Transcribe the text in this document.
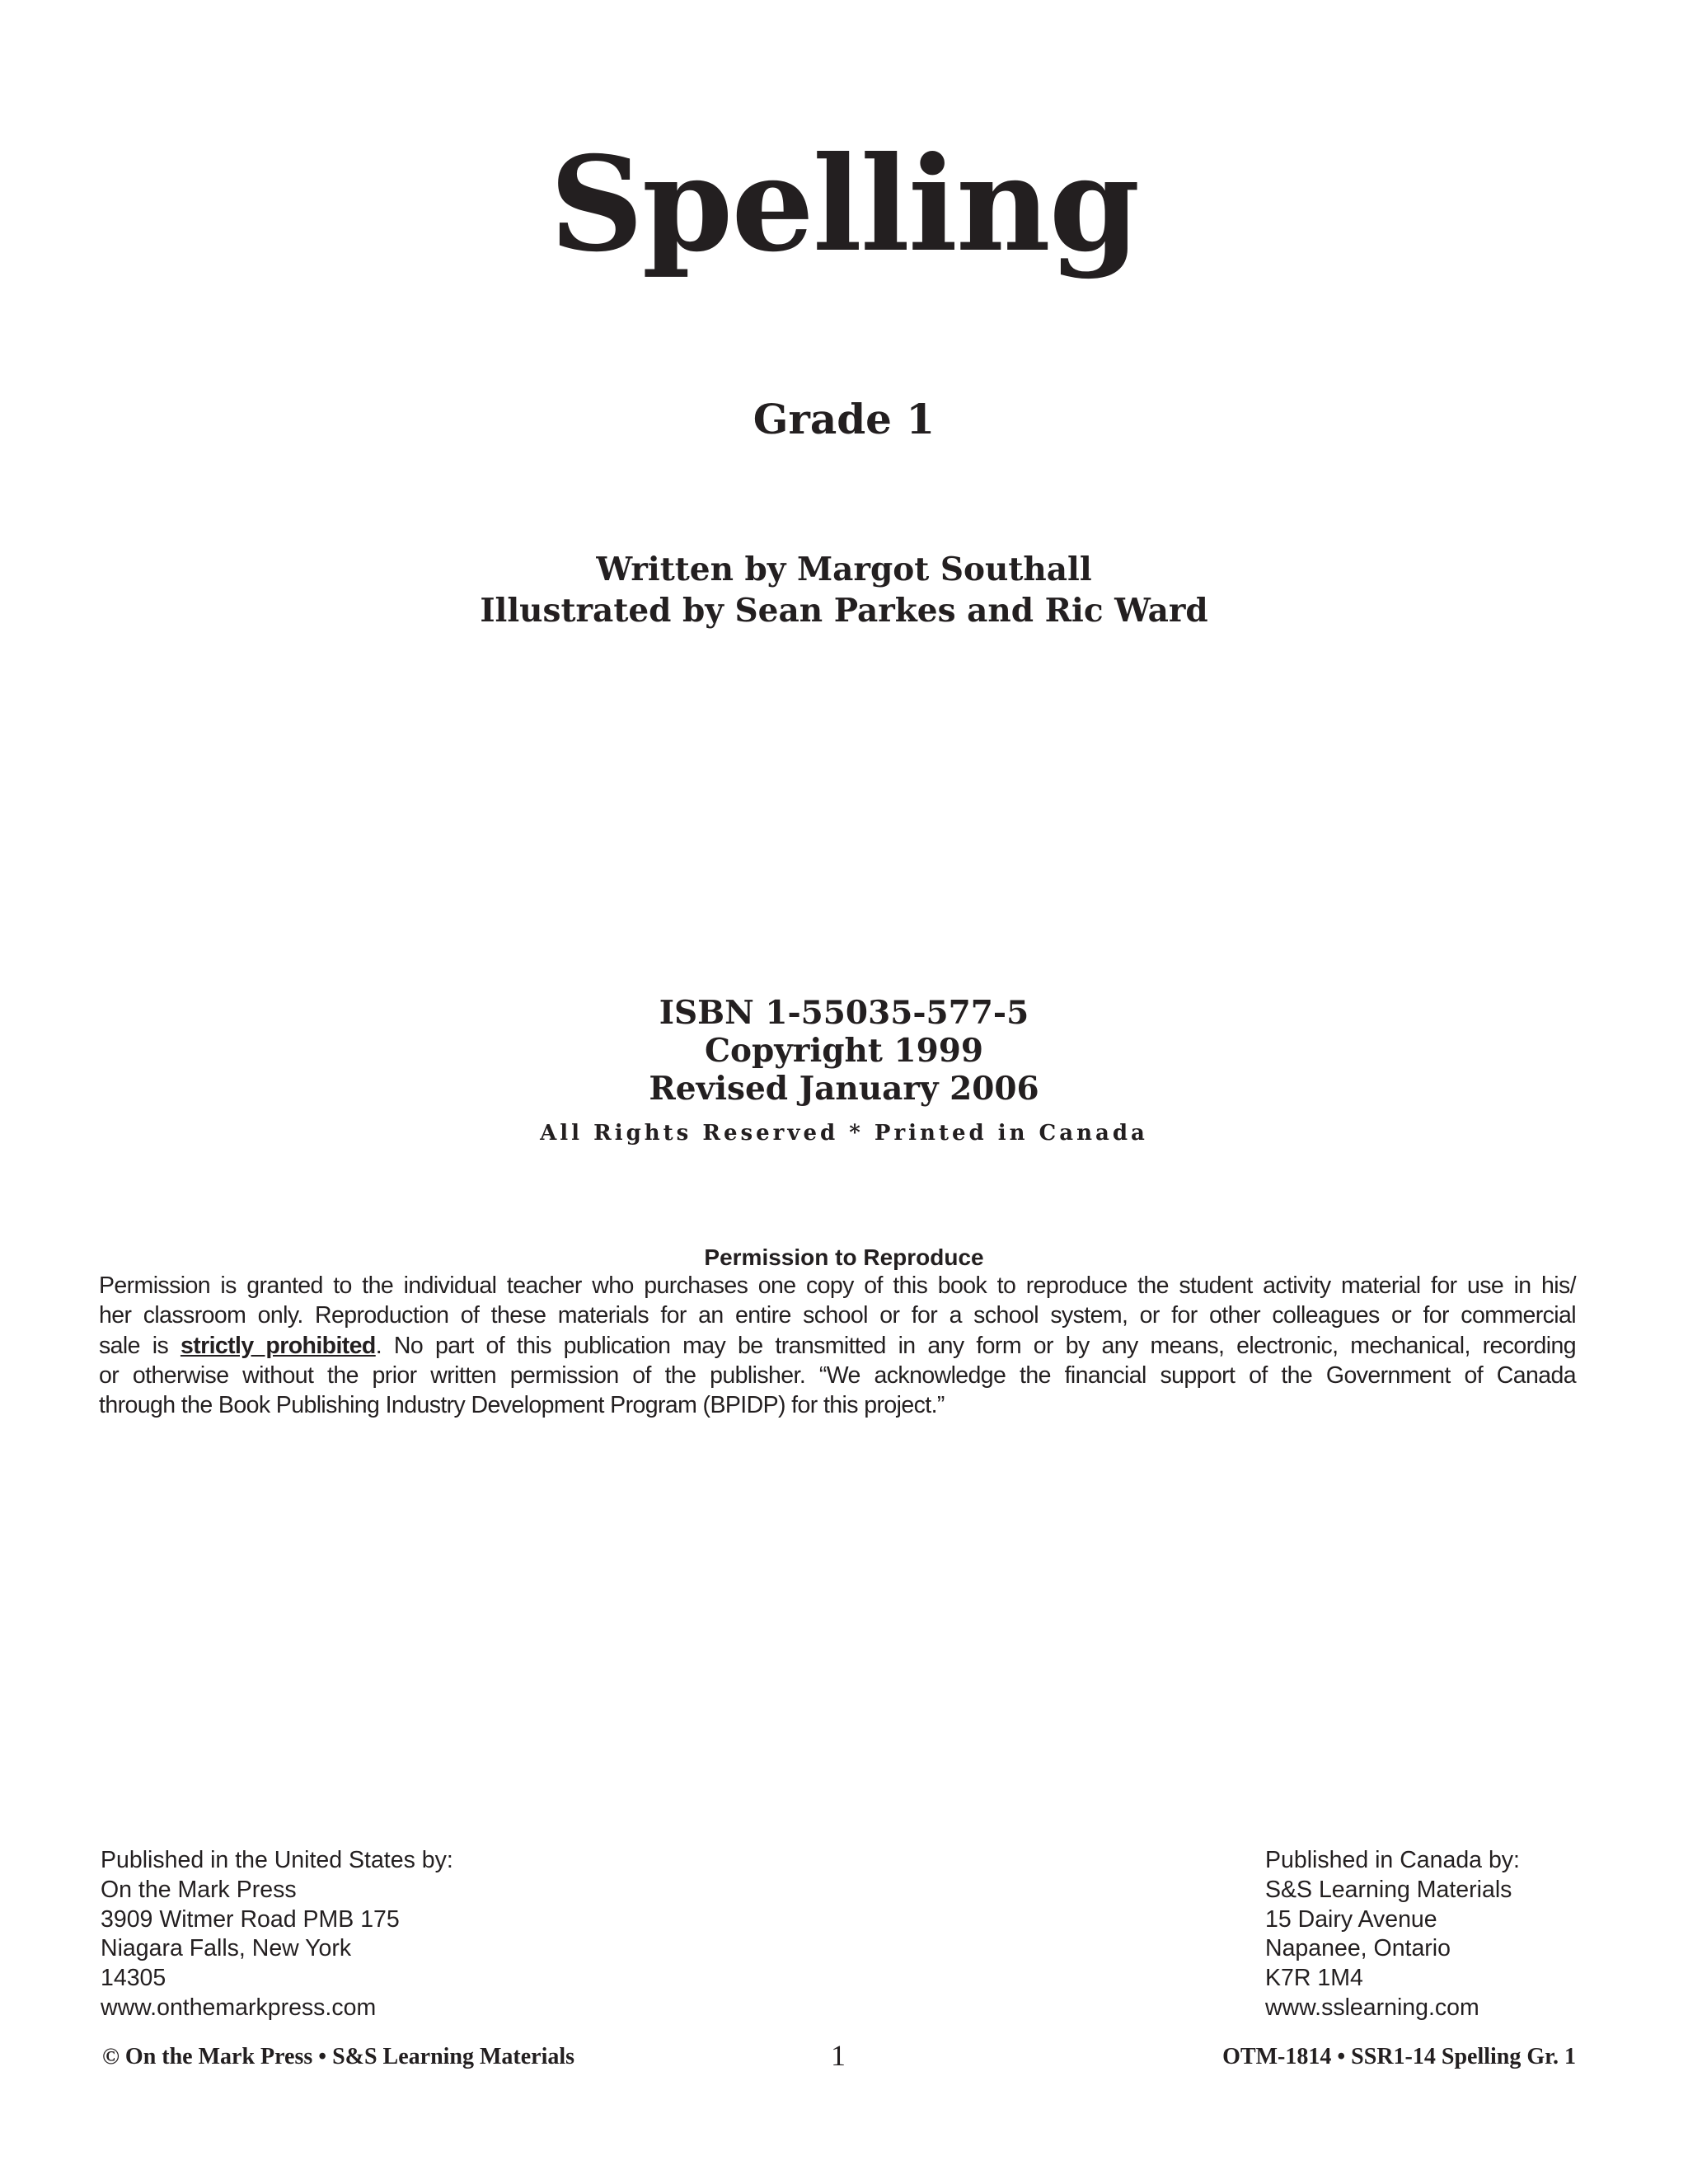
Spelling
Grade 1
Written by Margot Southall
Illustrated by Sean Parkes and Ric Ward
ISBN 1-55035-577-5
Copyright 1999
Revised January 2006
All Rights Reserved * Printed in Canada
Permission to Reproduce
Permission is granted to the individual teacher who purchases one copy of this book to reproduce the student activity material for use in his/
her classroom only. Reproduction of these materials for an entire school or for a school system, or for other colleagues or for commercial
sale is strictly prohibited. No part of this publication may be transmitted in any form or by any means, electronic, mechanical, recording
or otherwise without the prior written permission of the publisher. “We acknowledge the financial support of the Government of Canada
through the Book Publishing Industry Development Program (BPIDP) for this project.”
Published in the United States by:
On the Mark Press
3909 Witmer Road PMB 175
Niagara Falls, New York
14305
www.onthemarkpress.com
Published in Canada by:
S&S Learning Materials
15 Dairy Avenue
Napanee, Ontario
K7R 1M4
www.sslearning.com
© On the Mark Press • S&S Learning Materials	1	OTM-1814 • SSR1-14 Spelling Gr. 1
